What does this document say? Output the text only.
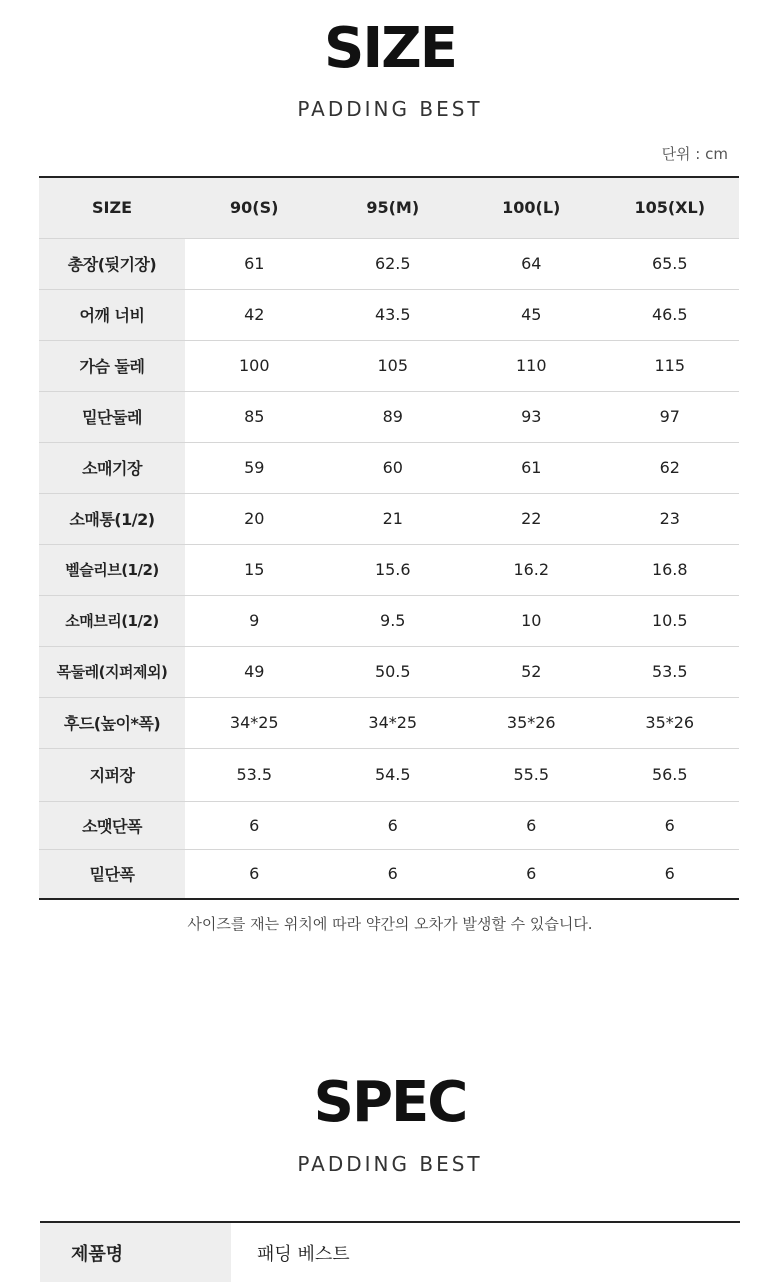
SIZE
PADDING BEST
단위 : cm
SIZE	90(S)	95(M)	100(L)	105(XL)
총장(뒷기장)	61	62.5	64	65.5
어깨 너비	42	43.5	45	46.5
가슴 둘레	100	105	110	115
밑단둘레	85	89	93	97
소매기장	59	60	61	62
소매통(1/2)	20	21	22	23
벨슬리브(1/2)	15	15.6	16.2	16.8
소매브리(1/2)	9	9.5	10	10.5
목둘레(지퍼제외)	49	50.5	52	53.5
후드(높이*폭)	34*25	34*25	35*26	35*26
지퍼장	53.5	54.5	55.5	56.5
소맷단폭	6	6	6	6
밑단폭	6	6	6	6
사이즈를 재는 위치에 따라 약간의 오차가 발생할 수 있습니다.
SPEC
PADDING BEST
제품명	패딩 베스트
